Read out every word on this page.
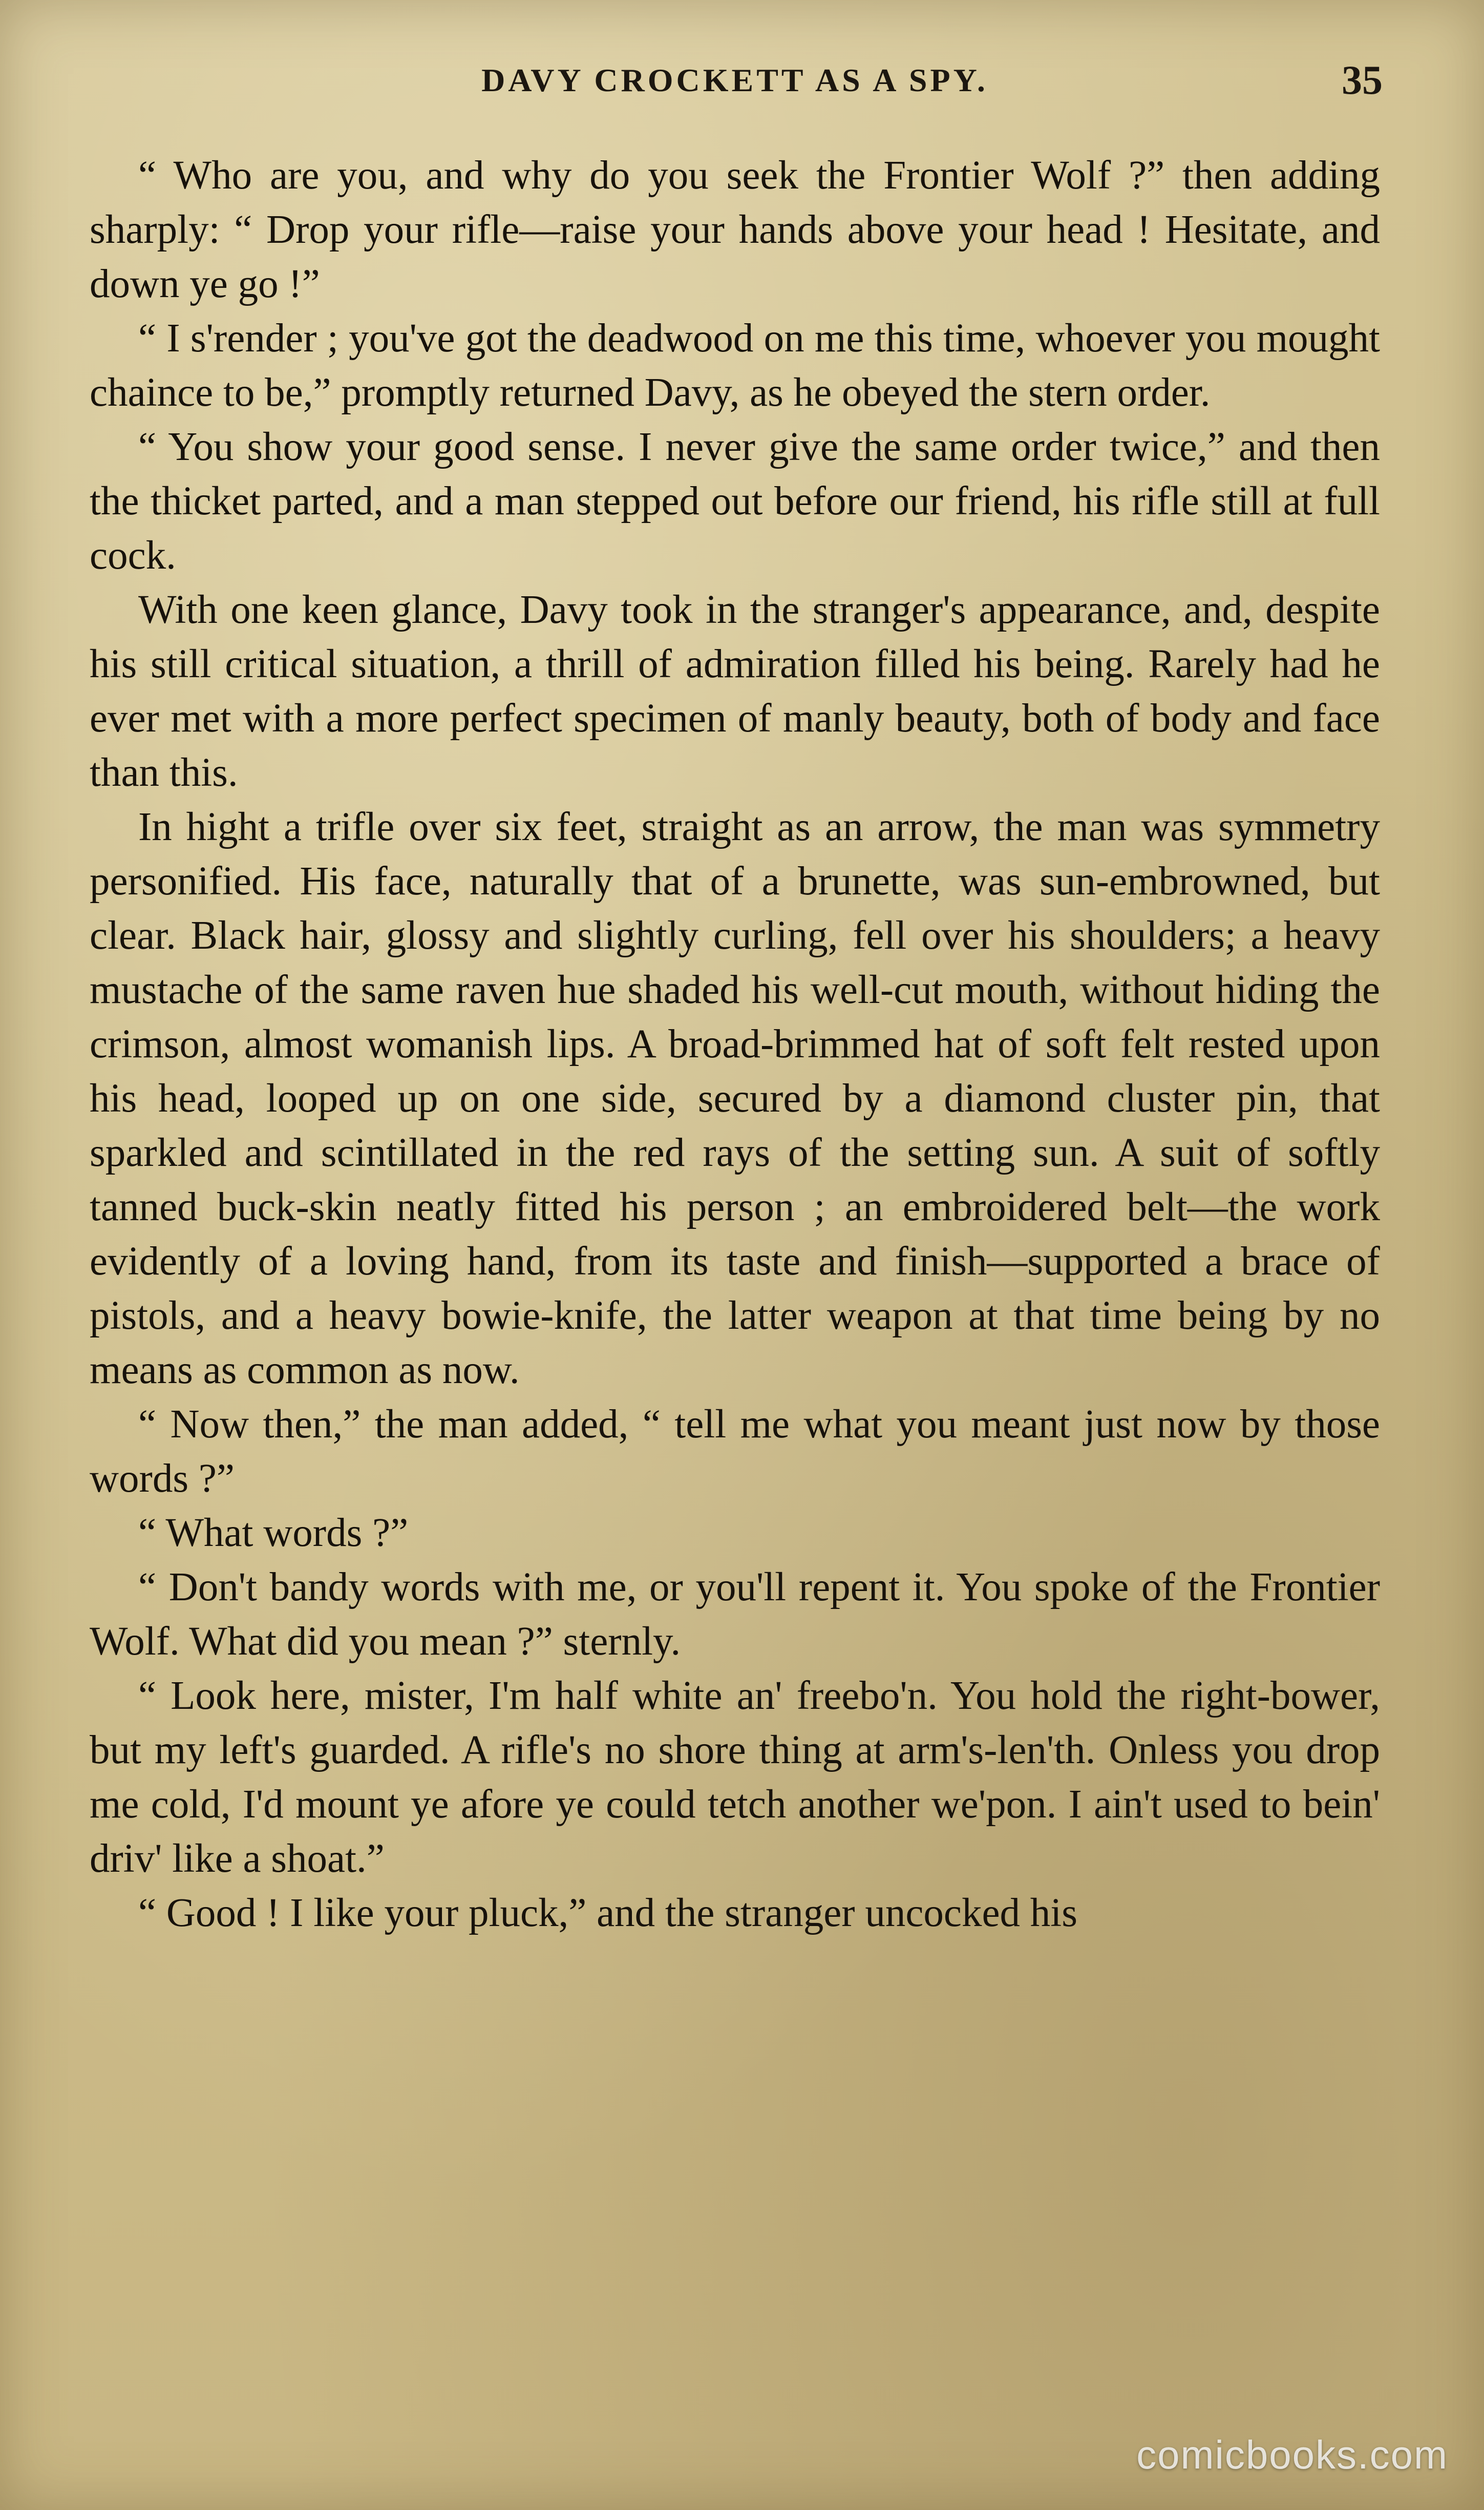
DAVY CROCKETT AS A SPY.	35

“ Who are you, and why do you seek the Frontier Wolf ?” then adding sharply: “ Drop your rifle—raise your hands above your head ! Hesitate, and down ye go !”

“ I s'render ; you've got the deadwood on me this time, whoever you mought chaince to be,” promptly returned Davy, as he obeyed the stern order.

“ You show your good sense. I never give the same order twice,” and then the thicket parted, and a man stepped out before our friend, his rifle still at full cock.

With one keen glance, Davy took in the stranger's appearance, and, despite his still critical situation, a thrill of admiration filled his being. Rarely had he ever met with a more perfect specimen of manly beauty, both of body and face than this.

In hight a trifle over six feet, straight as an arrow, the man was symmetry personified. His face, naturally that of a brunette, was sun-embrowned, but clear. Black hair, glossy and slightly curling, fell over his shoulders; a heavy mustache of the same raven hue shaded his well-cut mouth, without hiding the crimson, almost womanish lips. A broad-brimmed hat of soft felt rested upon his head, looped up on one side, secured by a diamond cluster pin, that sparkled and scintillated in the red rays of the setting sun. A suit of softly tanned buck-skin neatly fitted his person ; an embroidered belt—the work evidently of a loving hand, from its taste and finish—supported a brace of pistols, and a heavy bowie-knife, the latter weapon at that time being by no means as common as now.

“ Now then,” the man added, “ tell me what you meant just now by those words ?”

“ What words ?”

“ Don't bandy words with me, or you'll repent it. You spoke of the Frontier Wolf. What did you mean ?” sternly.

“ Look here, mister, I'm half white an' freebo'n. You hold the right-bower, but my left's guarded. A rifle's no shore thing at arm's-len'th. Onless you drop me cold, I'd mount ye afore ye could tetch another we'pon. I ain't used to bein' driv' like a shoat.”

“ Good ! I like your pluck,” and the stranger uncocked his

comicbooks.com
